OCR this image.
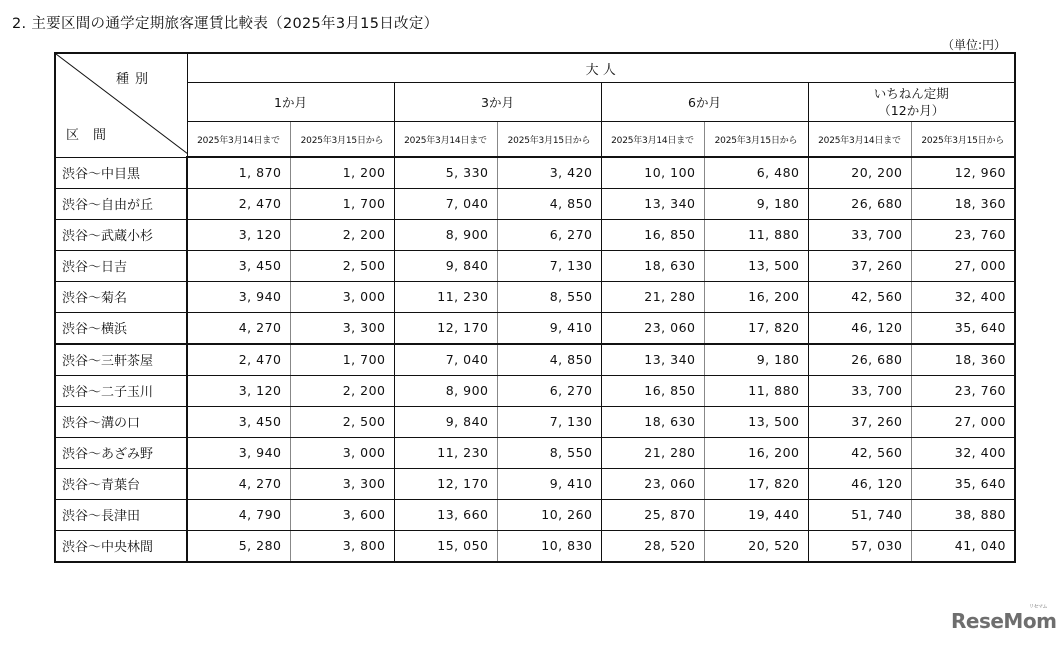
2. 主要区間の通学定期旅客運賃比較表（2025年3月15日改定）
（単位:円）
種別
区間	大 人							
	1か月		3か月		6か月		いちねん定期
（12か月）	

	2025年3月14日まで	2025年3月15日から	2025年3月14日まで	2025年3月15日から	2025年3月14日まで	2025年3月15日から	2025年3月14日まで	2025年3月15日から
渋谷～中目黒	1, 870	1, 200	5, 330	3, 420	10, 100	6, 480	20, 200	12, 960
渋谷～自由が丘	2, 470	1, 700	7, 040	4, 850	13, 340	9, 180	26, 680	18, 360
渋谷～武蔵小杉	3, 120	2, 200	8, 900	6, 270	16, 850	11, 880	33, 700	23, 760
渋谷～日吉	3, 450	2, 500	9, 840	7, 130	18, 630	13, 500	37, 260	27, 000
渋谷～菊名	3, 940	3, 000	11, 230	8, 550	21, 280	16, 200	42, 560	32, 400
渋谷～横浜	4, 270	3, 300	12, 170	9, 410	23, 060	17, 820	46, 120	35, 640
渋谷～三軒茶屋	2, 470	1, 700	7, 040	4, 850	13, 340	9, 180	26, 680	18, 360
渋谷～二子玉川	3, 120	2, 200	8, 900	6, 270	16, 850	11, 880	33, 700	23, 760
渋谷～溝の口	3, 450	2, 500	9, 840	7, 130	18, 630	13, 500	37, 260	27, 000
渋谷～あざみ野	3, 940	3, 000	11, 230	8, 550	21, 280	16, 200	42, 560	32, 400
渋谷～青葉台	4, 270	3, 300	12, 170	9, 410	23, 060	17, 820	46, 120	35, 640
渋谷～長津田	4, 790	3, 600	13, 660	10, 260	25, 870	19, 440	51, 740	38, 880
渋谷～中央林間	5, 280	3, 800	15, 050	10, 830	28, 520	20, 520	57, 030	41, 040
ReseMom
リセマム
